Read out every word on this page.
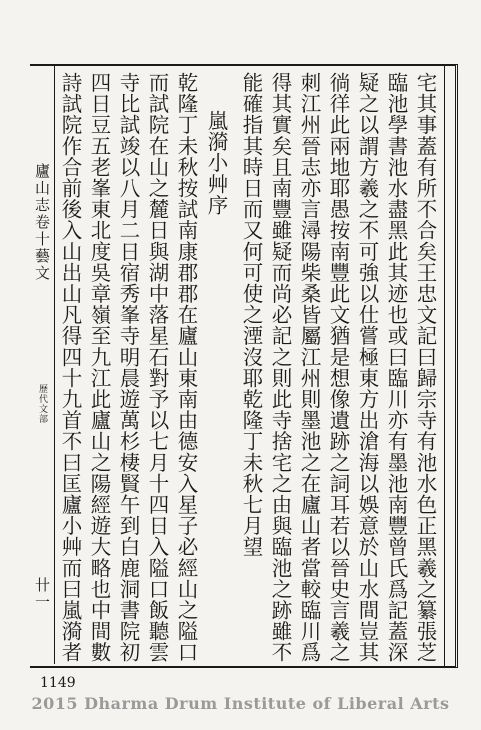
廬山志卷十藝文
歷代文部
卄一	宅其事蓋有所不合矣王忠文記曰歸宗寺有池水色正黑羲之纂張芝
臨池學書池水盡黑此其迹也或曰臨川亦有墨池南豐曾氏爲記蓋深
疑之以謂方羲之不可強以仕嘗極東方出滄海以娛意於山水間豈其
徜徉此兩地耶愚按南豐此文猶是想像遺跡之詞耳若以晉史言羲之
刺江州晉志亦言潯陽柴桑皆屬江州則墨池之在廬山者當較臨川爲
得其實矣且南豐雖疑而尚必記之則此寺捨宅之由與臨池之跡雖不
能確指其時日而又何可使之湮沒耶乾隆丁未秋七月望
嵐漪小艸序
乾隆丁未秋按試南康郡郡在廬山東南由德安入星子必經山之隘口
而試院在山之麓日與湖中落星石對予以七月十四日入隘口飯聽雲
寺比試竣以八月二日宿秀峯寺明晨遊萬杉棲賢午到白鹿洞書院初
四日豆五老峯東北度吳章嶺至九江此廬山之陽經遊大略也中間數
詩試院作合前後入山出山凡得四十九首不曰匡廬小艸而曰嵐漪者
1149
2015 Dharma Drum Institute of Liberal Arts
